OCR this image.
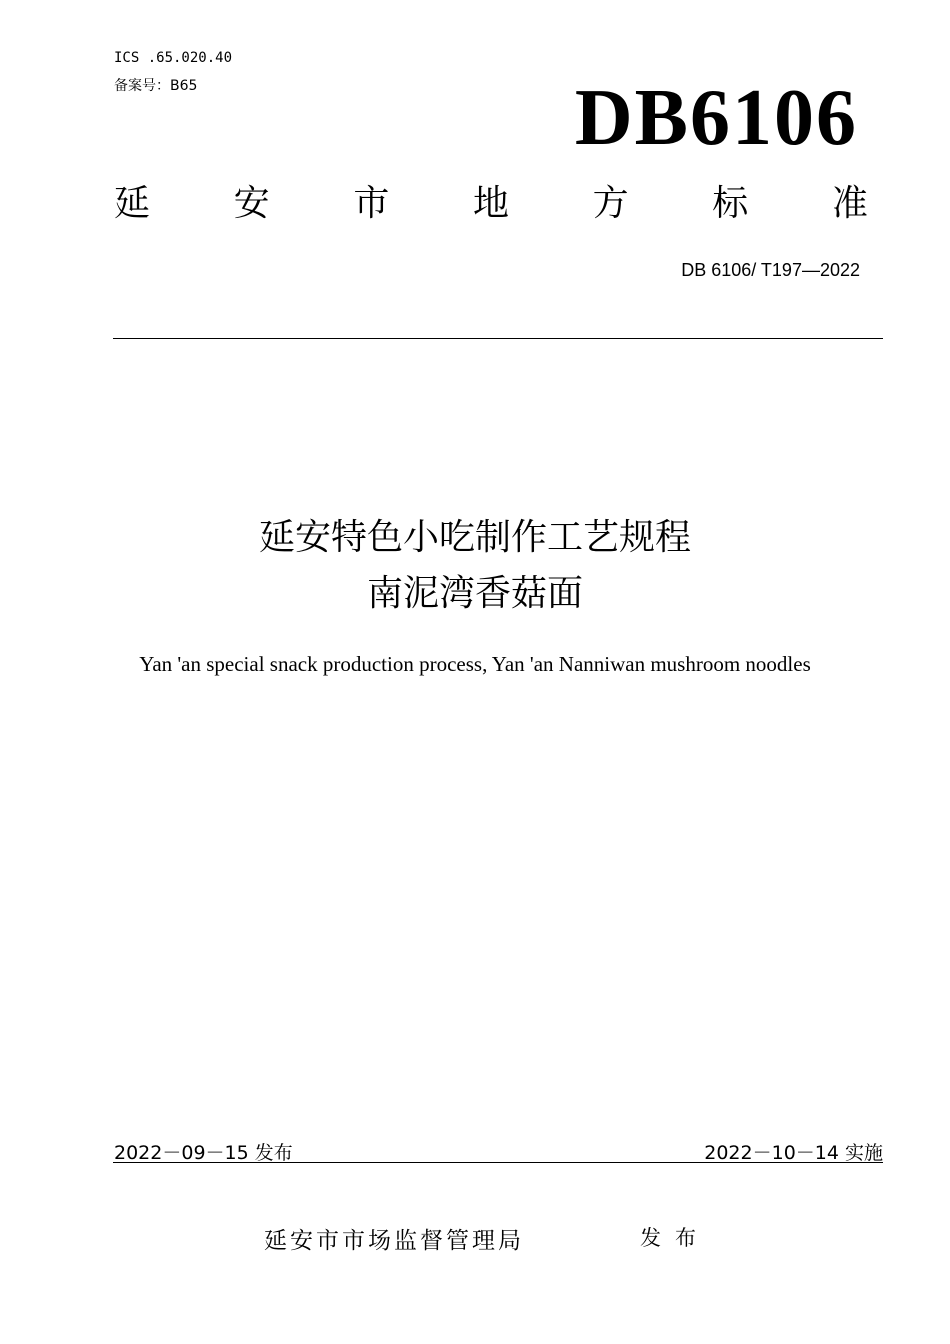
ICS .65.020.40
备案号：B65	DB6106
延 安 市 地 方 标 准
DB 6106/ T197—2022
延安特色小吃制作工艺规程
南泥湾香菇面
Yan 'an special snack production process, Yan 'an Nanniwan mushroom noodles
2022－09－15 发布	2022－10－14 实施
延安市市场监督管理局	发布
